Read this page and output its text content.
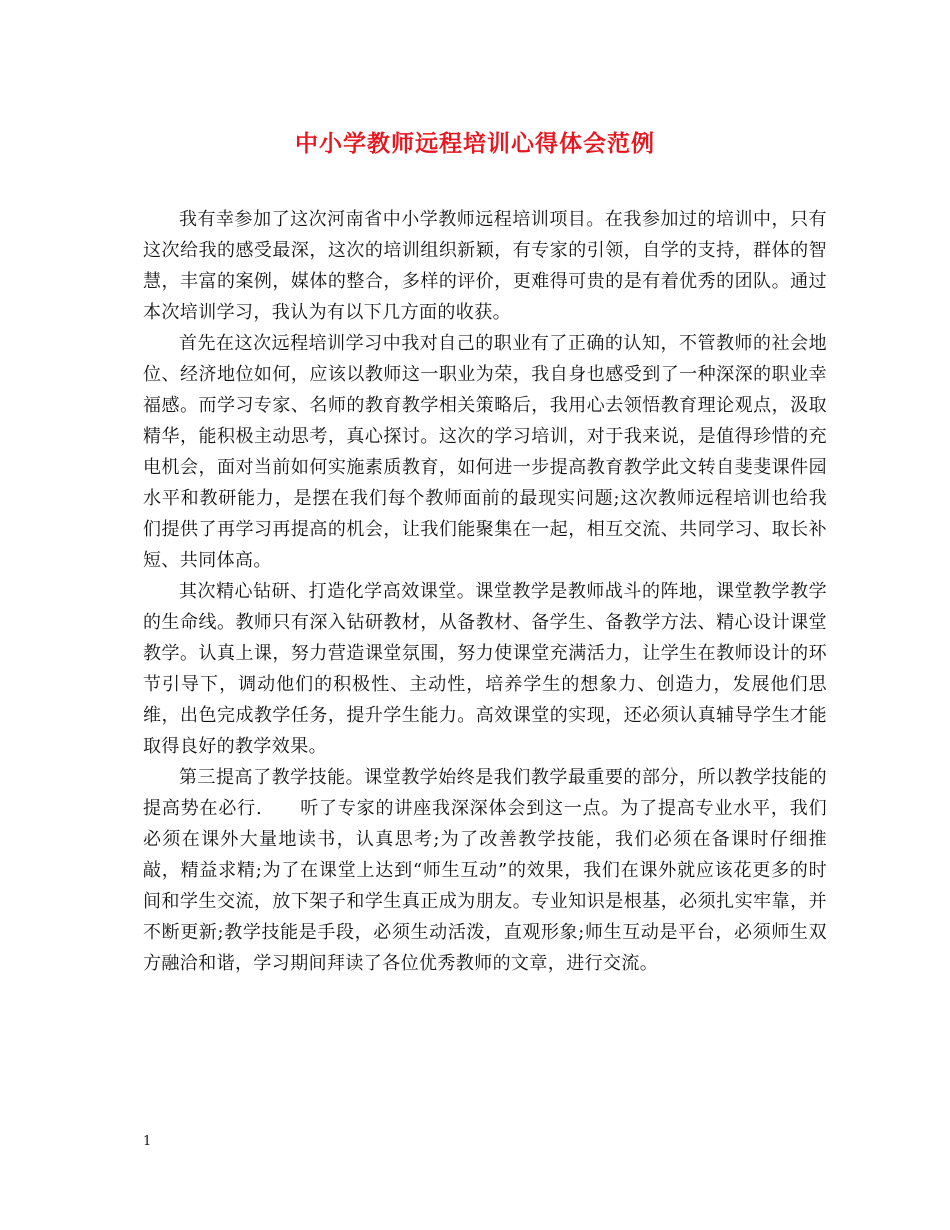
中小学教师远程培训心得体会范例

我有幸参加了这次河南省中小学教师远程培训项目。在我参加过的培训中，只有这次给我的感受最深，这次的培训组织新颖，有专家的引领，自学的支持，群体的智慧，丰富的案例，媒体的整合，多样的评价，更难得可贵的是有着优秀的团队。通过本次培训学习，我认为有以下几方面的收获。

首先在这次远程培训学习中我对自己的职业有了正确的认知，不管教师的社会地位、经济地位如何，应该以教师这一职业为荣，我自身也感受到了一种深深的职业幸福感。而学习专家、名师的教育教学相关策略后，我用心去领悟教育理论观点，汲取精华，能积极主动思考，真心探讨。这次的学习培训，对于我来说，是值得珍惜的充电机会，面对当前如何实施素质教育，如何进一步提高教育教学此文转自斐斐课件园水平和教研能力，是摆在我们每个教师面前的最现实问题;这次教师远程培训也给我们提供了再学习再提高的机会，让我们能聚集在一起，相互交流、共同学习、取长补短、共同体高。

其次精心钻研、打造化学高效课堂。课堂教学是教师战斗的阵地，课堂教学教学的生命线。教师只有深入钻研教材，从备教材、备学生、备教学方法、精心设计课堂教学。认真上课，努力营造课堂氛围，努力使课堂充满活力，让学生在教师设计的环节引导下，调动他们的积极性、主动性，培养学生的想象力、创造力，发展他们思维，出色完成教学任务，提升学生能力。高效课堂的实现，还必须认真辅导学生才能取得良好的教学效果。

第三提高了教学技能。课堂教学始终是我们教学最重要的部分，所以教学技能的提高势在必行.　　听了专家的讲座我深深体会到这一点。为了提高专业水平，我们必须在课外大量地读书，认真思考;为了改善教学技能，我们必须在备课时仔细推敲，精益求精;为了在课堂上达到“师生互动”的效果，我们在课外就应该花更多的时间和学生交流，放下架子和学生真正成为朋友。专业知识是根基，必须扎实牢靠，并不断更新;教学技能是手段，必须生动活泼，直观形象;师生互动是平台，必须师生双方融洽和谐，学习期间拜读了各位优秀教师的文章，进行交流。

1
